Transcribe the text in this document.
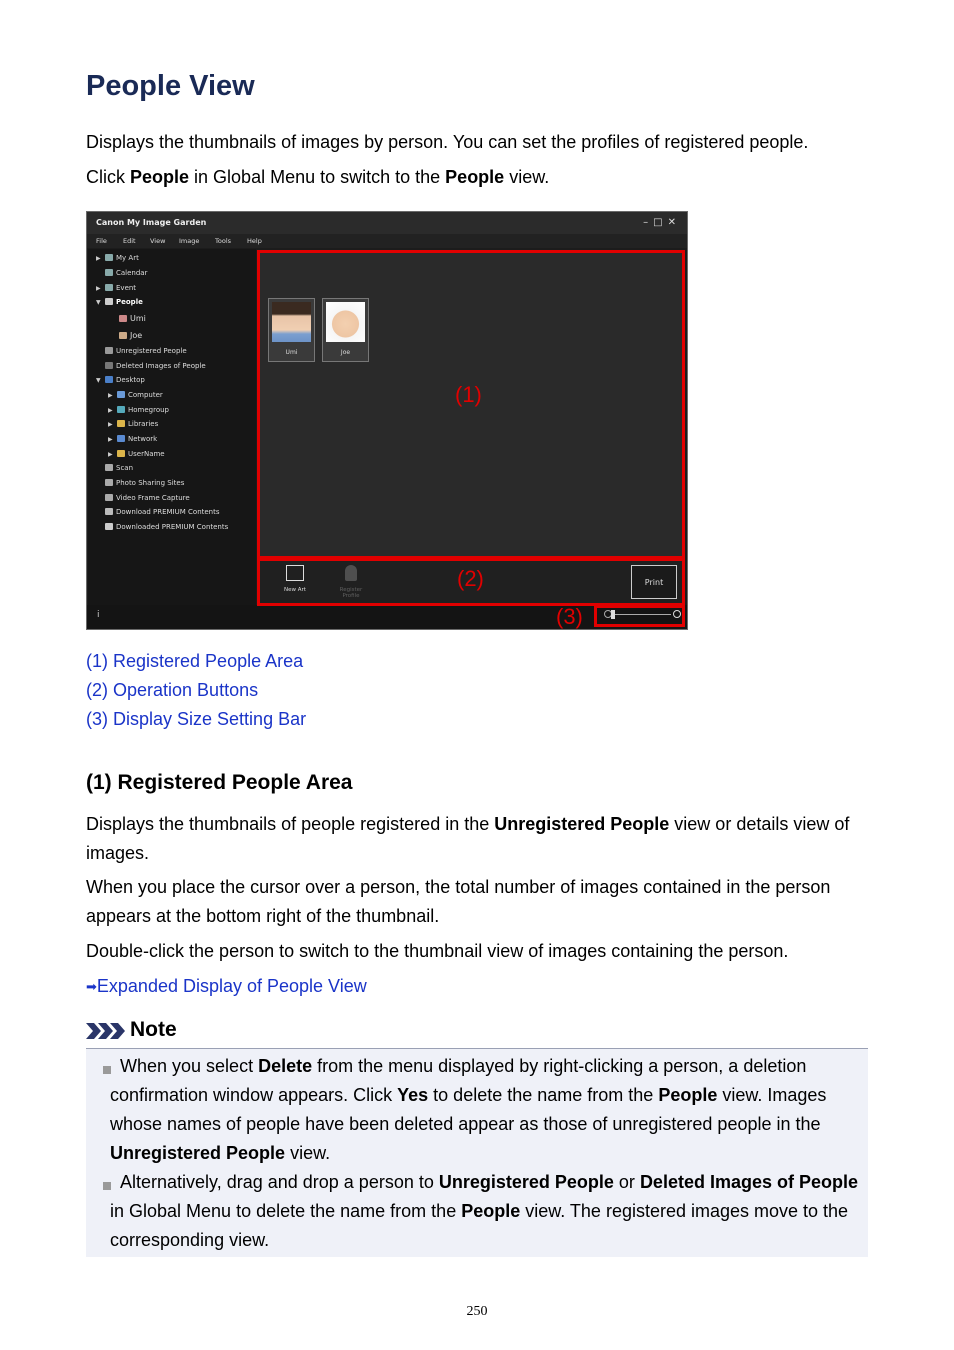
People View

Displays the thumbnails of images by person. You can set the profiles of registered people.

Click People in Global Menu to switch to the People view.

Canon My Image Garden	–□✕
File Edit View Image Tools Help
▶ My Art
Calendar
▶ Event
▼ People
Umi
Joe
Unregistered People
Deleted Images of People
▼ Desktop
▶ Computer
▶ Homegroup
▶ Libraries
▶ Network
▶ UserName
Scan
Photo Sharing Sites
Video Frame Capture
Download PREMIUM Contents
Downloaded PREMIUM Contents
Umi	Joe
New Art	Register Profile
Print
i
(1)
(2)
(3)
(1) Registered People Area
(2) Operation Buttons
(3) Display Size Setting Bar
(1) Registered People Area

Displays the thumbnails of people registered in the Unregistered People view or details view of images.

When you place the cursor over a person, the total number of images contained in the person appears at the bottom right of the thumbnail.

Double-click the person to switch to the thumbnail view of images containing the person.

➡Expanded Display of People View
Note

When you select Delete from the menu displayed by right-clicking a person, a deletion confirmation window appears. Click Yes to delete the name from the People view. Images whose names of people have been deleted appear as those of unregistered people in the Unregistered People view.

Alternatively, drag and drop a person to Unregistered People or Deleted Images of People in Global Menu to delete the name from the People view. The registered images move to the corresponding view.

250
